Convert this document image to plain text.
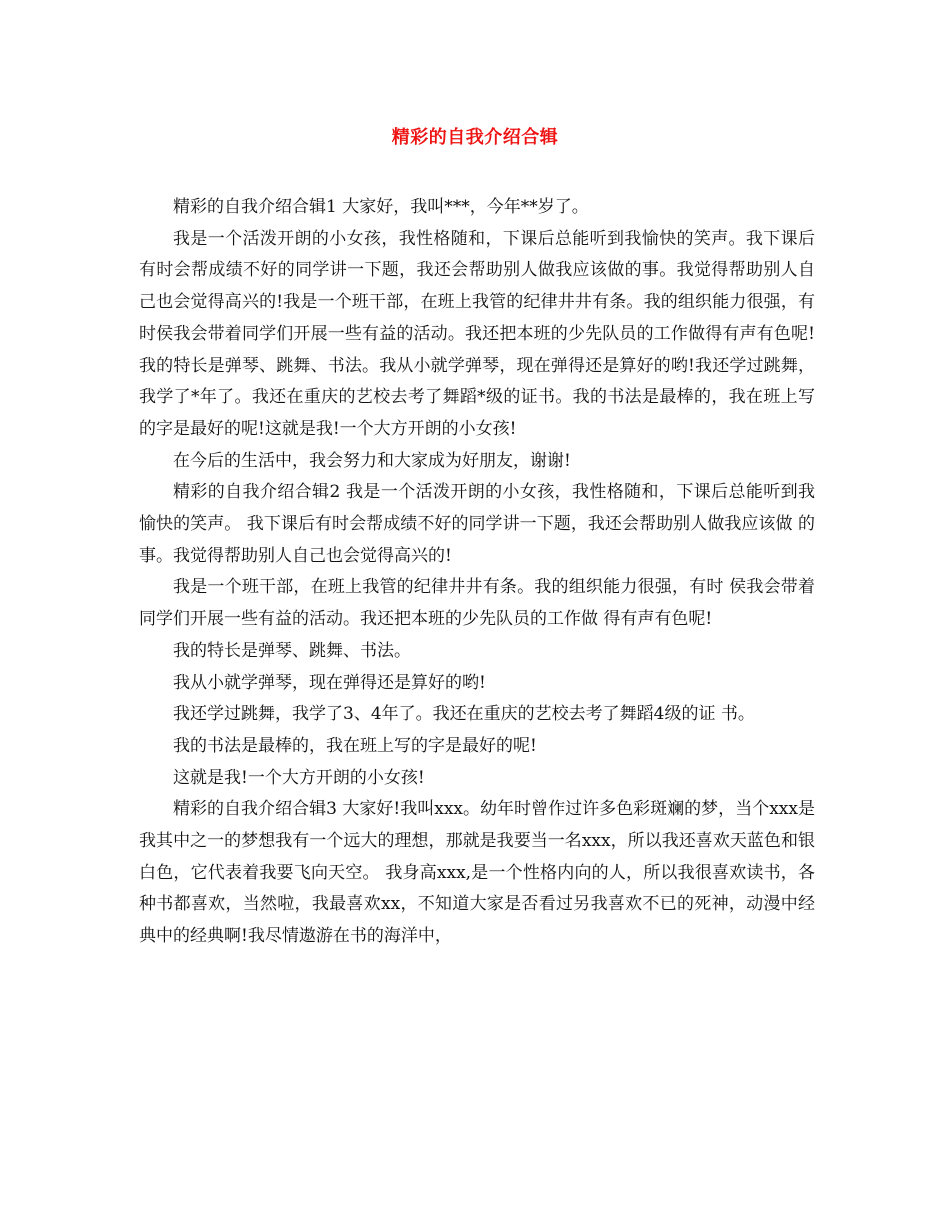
精彩的自我介绍合辑

精彩的自我介绍合辑1 大家好，我叫***，今年**岁了。

我是一个活泼开朗的小女孩，我性格随和，下课后总能听到我愉快的笑声。我下课后有时会帮成绩不好的同学讲一下题，我还会帮助别人做我应该做的事。我觉得帮助别人自己也会觉得高兴的!我是一个班干部，在班上我管的纪律井井有条。我的组织能力很强，有时侯我会带着同学们开展一些有益的活动。我还把本班的少先队员的工作做得有声有色呢!我的特长是弹琴、跳舞、书法。我从小就学弹琴，现在弹得还是算好的哟!我还学过跳舞，我学了*年了。我还在重庆的艺校去考了舞蹈*级的证书。我的书法是最棒的，我在班上写的字是最好的呢!这就是我!一个大方开朗的小女孩!

在今后的生活中，我会努力和大家成为好朋友，谢谢!

精彩的自我介绍合辑2 我是一个活泼开朗的小女孩，我性格随和，下课后总能听到我愉快的笑声。 我下课后有时会帮成绩不好的同学讲一下题，我还会帮助别人做我应该做 的事。我觉得帮助别人自己也会觉得高兴的!

我是一个班干部，在班上我管的纪律井井有条。我的组织能力很强，有时 侯我会带着同学们开展一些有益的活动。我还把本班的少先队员的工作做 得有声有色呢!

我的特长是弹琴、跳舞、书法。

我从小就学弹琴，现在弹得还是算好的哟!

我还学过跳舞，我学了3、4年了。我还在重庆的艺校去考了舞蹈4级的证 书。

我的书法是最棒的，我在班上写的字是最好的呢!

这就是我!一个大方开朗的小女孩!

精彩的自我介绍合辑3 大家好!我叫xxx。幼年时曾作过许多色彩斑斓的梦，当个xxx是我其中之一的梦想我有一个远大的理想，那就是我要当一名xxx，所以我还喜欢天蓝色和银白色，它代表着我要飞向天空。 我身高xxx,是一个性格内向的人，所以我很喜欢读书，各种书都喜欢，当然啦，我最喜欢xx，不知道大家是否看过另我喜欢不已的死神，动漫中经典中的经典啊!我尽情遨游在书的海洋中，
